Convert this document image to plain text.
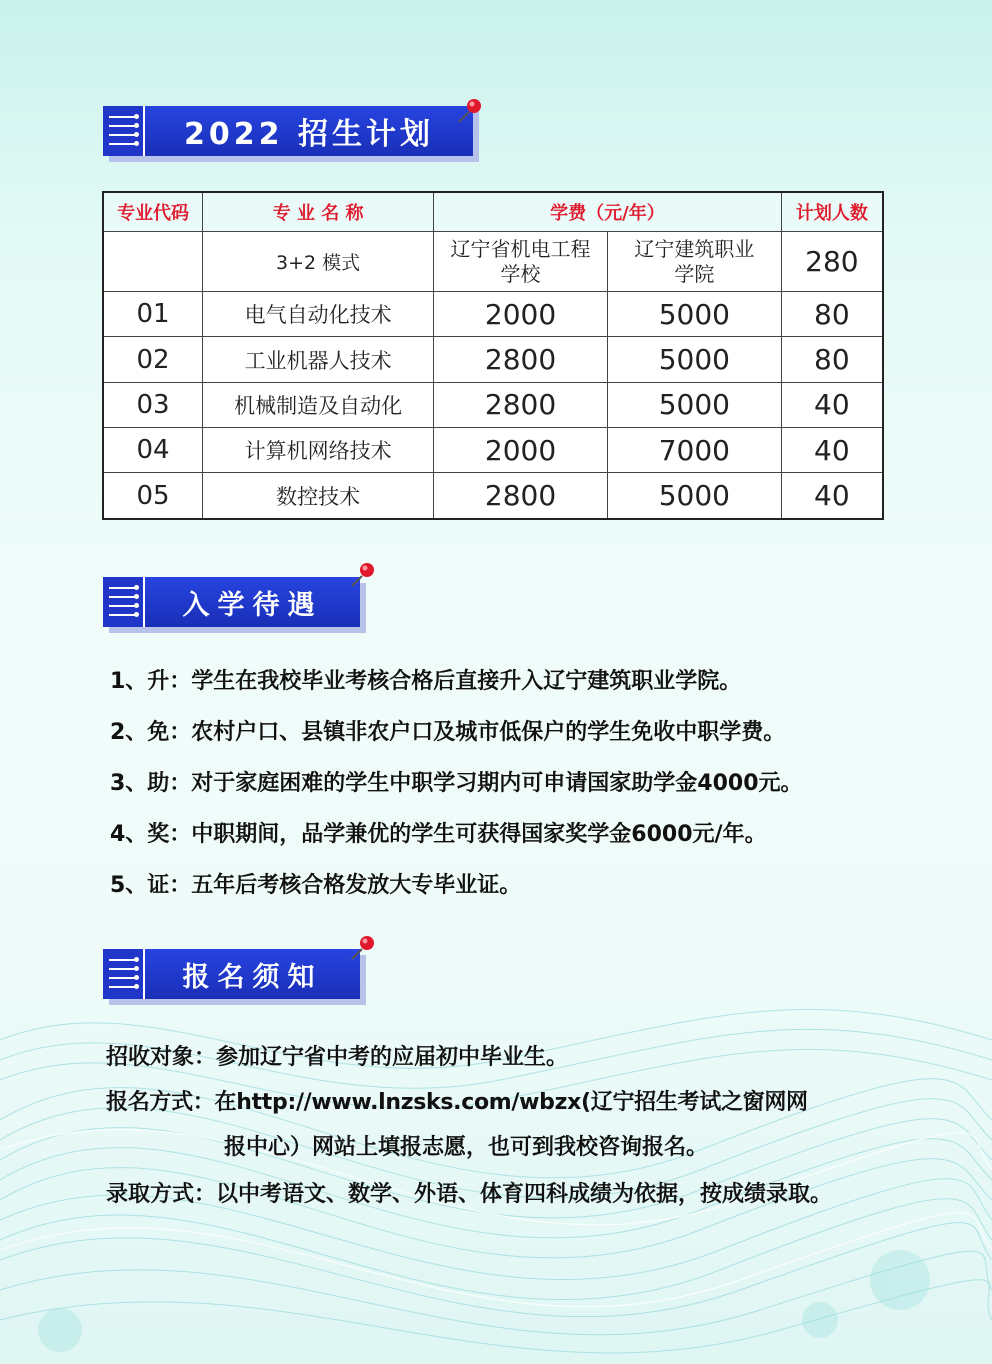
2022 招生计划
专业代码	专 业 名 称	学费（元/年）		计划人数
	3+2 模式	辽宁省机电工程学校	辽宁建筑职业学院	280
01	电气自动化技术	2000	5000	80
02	工业机器人技术	2800	5000	80
03	机械制造及自动化	2800	5000	40
04	计算机网络技术	2000	7000	40
05	数控技术	2800	5000	40
入学待遇
1、升：学生在我校毕业考核合格后直接升入辽宁建筑职业学院。
2、免：农村户口、县镇非农户口及城市低保户的学生免收中职学费。
3、助：对于家庭困难的学生中职学习期内可申请国家助学金4000元。
4、奖：中职期间，品学兼优的学生可获得国家奖学金6000元/年。
5、证：五年后考核合格发放大专毕业证。
报名须知
招收对象：参加辽宁省中考的应届初中毕业生。
报名方式：在http://www.lnzsks.com/wbzx(辽宁招生考试之窗网网
报中心）网站上填报志愿，也可到我校咨询报名。
录取方式：以中考语文、数学、外语、体育四科成绩为依据，按成绩录取。
